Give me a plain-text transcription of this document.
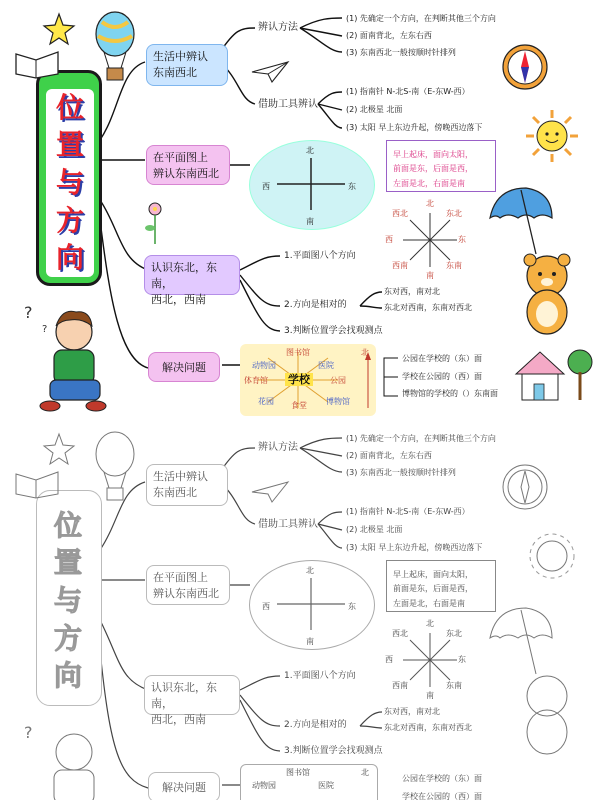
位
置
与
方
向
生活中辨认
东南西北
辨认方法
(1) 先确定一个方向，在判断其他三个方向
(2) 面南背北，左东右西
(3) 东南西北一般按顺时针排列
借助工具辨认
(1) 指南针 N-北S-南（E-东W-西）
(2) 北极星 北面
(3) 太阳 早上东边升起，傍晚西边落下
在平面图上
辨认东南西北
北
南
东
西
早上起床，面向太阳，
前面是东，后面是西，
左面是北，右面是南
北
东北
东
东南
南
西南
西
西北
认识东北，东南，
西北，西南
1.平面图八个方向
2.方向是相对的
东对西，南对北
东北对西南，东南对西北
3.判断位置学会找观测点
解决问题
学校
图书馆
医院
公园
博物馆
食堂
花园
体育馆
动物园
北
公园在学校的（东）面
学校在公园的（西）面
博物馆的学校的（）东南面
?
?
位
置
与
方
向
生活中辨认
东南西北
辨认方法
(1) 先确定一个方向，在判断其他三个方向
(2) 面南背北，左东右西
(3) 东南西北一般按顺时针排列
借助工具辨认
(1) 指南针 N-北S-南（E-东W-西）
(2) 北极星 北面
(3) 太阳 早上东边升起，傍晚西边落下
在平面图上
辨认东南西北
北
南
东
西
早上起床，面向太阳，
前面是东，后面是西，
左面是北，右面是南
北
东北
东
东南
南
西南
西
西北
认识东北，东南，
西北，西南
1.平面图八个方向
2.方向是相对的
东对西，南对北
东北对西南，东南对西北
3.判断位置学会找观测点
解决问题
图书馆
医院
动物园
北
公园在学校的（东）面
学校在公园的（西）面
?
